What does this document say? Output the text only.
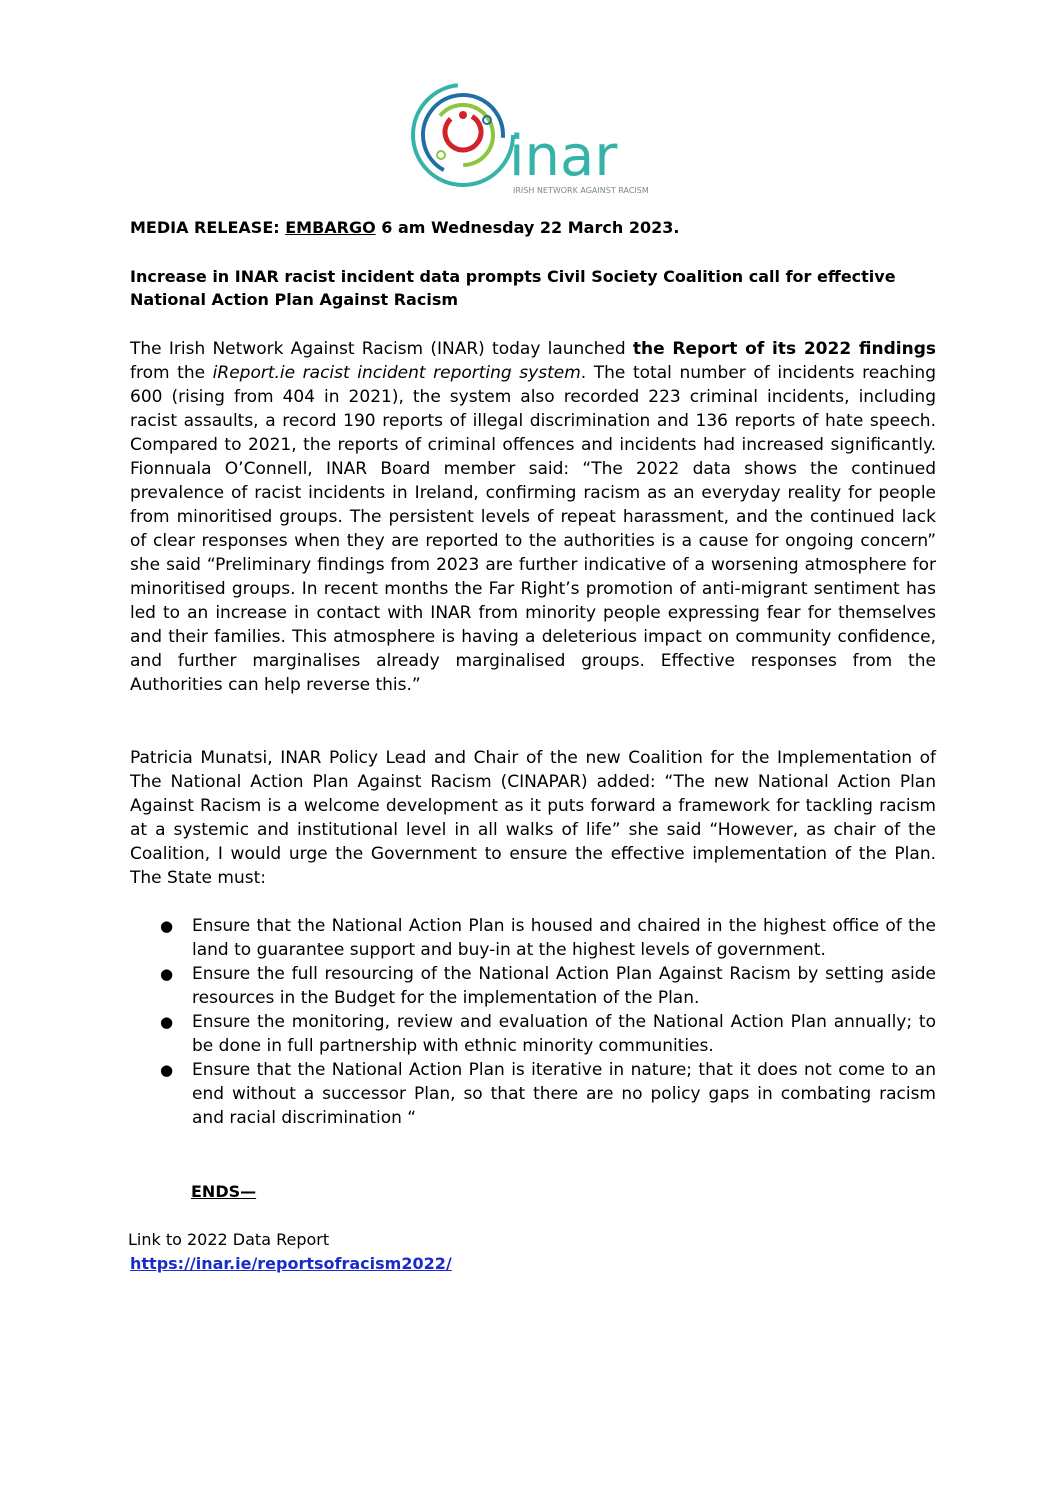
inar
IRISH NETWORK AGAINST RACISM
MEDIA RELEASE: EMBARGO 6 am Wednesday 22 March 2023.
Increase in INAR racist incident data prompts Civil Society Coalition call for effective National Action Plan Against Racism
The Irish Network Against Racism (INAR) today launched the Report of its 2022 findings from the iReport.ie racist incident reporting system. The total number of incidents reaching 600 (rising from 404 in 2021), the system also recorded 223 criminal incidents, including racist assaults, a record 190 reports of illegal discrimination and 136 reports of hate speech. Compared to 2021, the reports of criminal offences and incidents had increased significantly. Fionnuala O’Connell, INAR Board member said: “The 2022 data shows the continued prevalence of racist incidents in Ireland, confirming racism as an everyday reality for people from minoritised groups. The persistent levels of repeat harassment, and the continued lack of clear responses when they are reported to the authorities is a cause for ongoing concern” she said “Preliminary findings from 2023 are further indicative of a worsening atmosphere for minoritised groups. In recent months the Far Right’s promotion of anti-migrant sentiment has led to an increase in contact with INAR from minority people expressing fear for themselves and their families. This atmosphere is having a deleterious impact on community confidence, and further marginalises already marginalised groups. Effective responses from the Authorities can help reverse this.”
Patricia Munatsi, INAR Policy Lead and Chair of the new Coalition for the Implementation of The National Action Plan Against Racism (CINAPAR) added: “The new National Action Plan Against Racism is a welcome development as it puts forward a framework for tackling racism at a systemic and institutional level in all walks of life” she said “However, as chair of the Coalition, I would urge the Government to ensure the effective implementation of the Plan. The State must:
● Ensure that the National Action Plan is housed and chaired in the highest office of the land to guarantee support and buy-in at the highest levels of government.
● Ensure the full resourcing of the National Action Plan Against Racism by setting aside resources in the Budget for the implementation of the Plan.
● Ensure the monitoring, review and evaluation of the National Action Plan annually; to be done in full partnership with ethnic minority communities.
● Ensure that the National Action Plan is iterative in nature; that it does not come to an end without a successor Plan, so that there are no policy gaps in combating racism and racial discrimination “
ENDS—
Link to 2022 Data Report
https://inar.ie/reportsofracism2022/
